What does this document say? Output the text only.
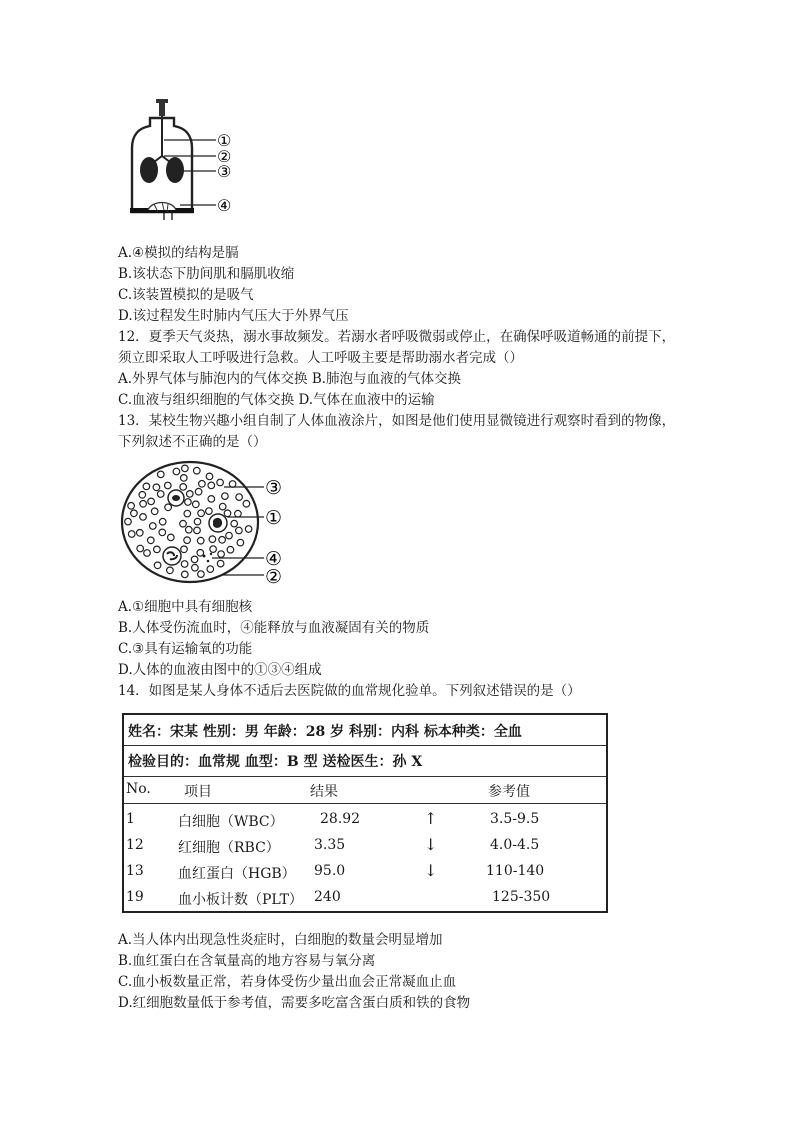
①
②
③
④
A.④模拟的结构是膈
B.该状态下肋间肌和膈肌收缩
C.该装置模拟的是吸气
D.该过程发生时肺内气压大于外界气压
12．夏季天气炎热，溺水事故频发。若溺水者呼吸微弱或停止，在确保呼吸道畅通的前提下，
须立即采取人工呼吸进行急救。人工呼吸主要是帮助溺水者完成（）
A.外界气体与肺泡内的气体交换 B.肺泡与血液的气体交换
C.血液与组织细胞的气体交换 D.气体在血液中的运输
13．某校生物兴趣小组自制了人体血液涂片，如图是他们使用显微镜进行观察时看到的物像，
下列叙述不正确的是（）
③
①
④
②
A.①细胞中具有细胞核
B.人体受伤流血时，④能释放与血液凝固有关的物质
C.③具有运输氧的功能
D.人体的血液由图中的①③④组成
14．如图是某人身体不适后去医院做的血常规化验单。下列叙述错误的是（）
姓名：宋某 性别：男 年龄：28 岁 科别：内科 标本种类：全血
检验目的：血常规 血型：B 型 送检医生：孙 X
No. 项目	结果	参考值
1	白细胞（WBC）	28.92	↑	3.5-9.5
12 红细胞（RBC） 3.35	↓	4.0-4.5
13 血红蛋白（HGB） 95.0	↓	110-140
19 血小板计数（PLT） 240	125-350
A.当人体内出现急性炎症时，白细胞的数量会明显增加
B.血红蛋白在含氧量高的地方容易与氧分离
C.血小板数量正常，若身体受伤少量出血会正常凝血止血
D.红细胞数量低于参考值，需要多吃富含蛋白质和铁的食物
